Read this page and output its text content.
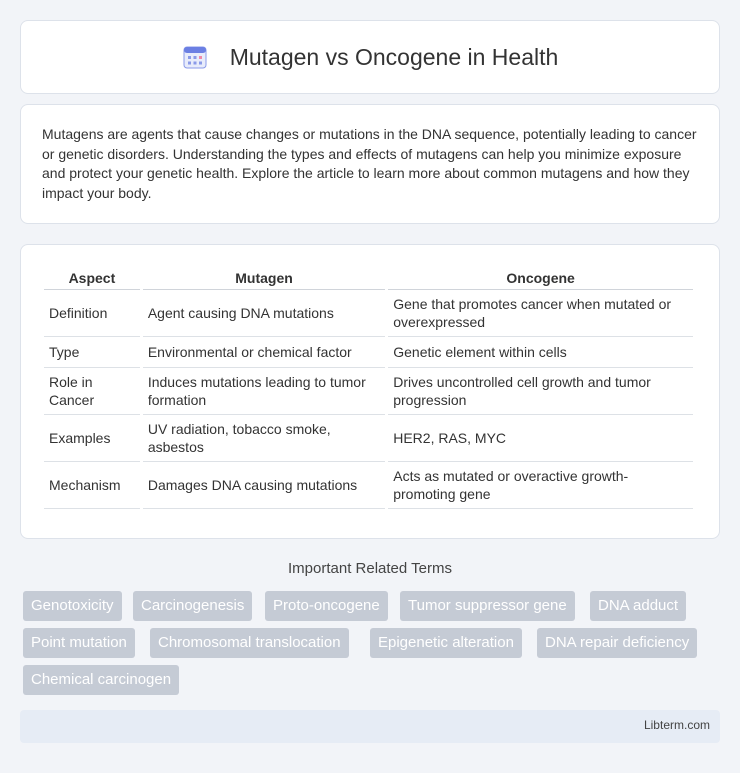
Mutagen vs Oncogene in Health

Mutagens are agents that cause changes or mutations in the DNA sequence, potentially leading to cancer or genetic disorders. Understanding the types and effects of mutagens can help you minimize exposure and protect your genetic health. Explore the article to learn more about common mutagens and how they impact your body.

Aspect	Mutagen	Oncogene
Definition	Agent causing DNA mutations	Gene that promotes cancer when mutated or overexpressed
Type	Environmental or chemical factor	Genetic element within cells
Role in Cancer	Induces mutations leading to tumor formation	Drives uncontrolled cell growth and tumor progression
Examples	UV radiation, tobacco smoke, asbestos	HER2, RAS, MYC
Mechanism	Damages DNA causing mutations	Acts as mutated or overactive growth-promoting gene
Important Related Terms
Genotoxicity	Carcinogenesis	Proto-oncogene	Tumor suppressor gene	DNA adduct
Point mutation	Chromosomal translocation	Epigenetic alteration	DNA repair deficiency
Chemical carcinogen
Libterm.com
